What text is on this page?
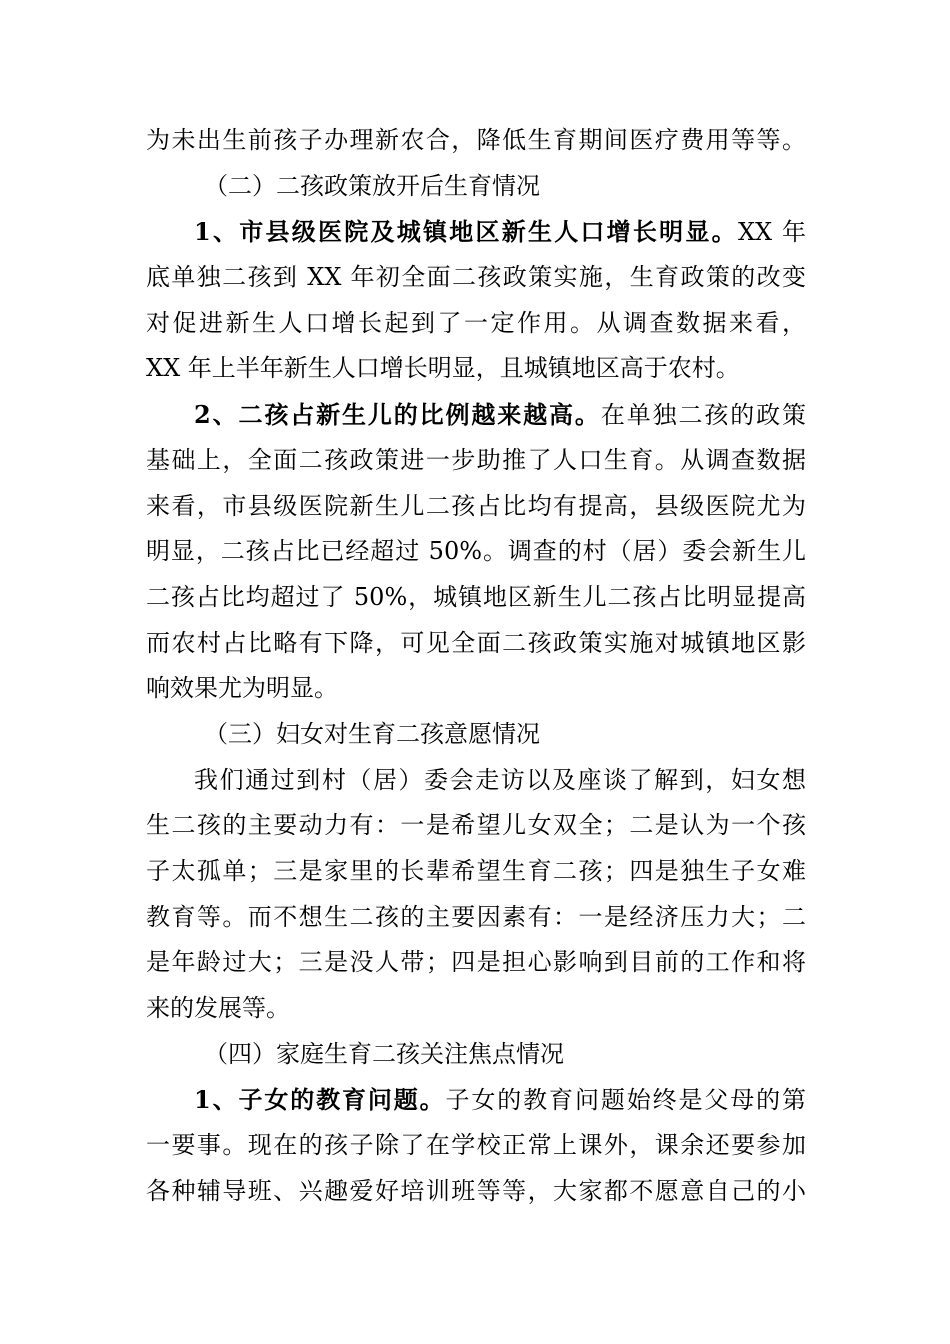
为未出生前孩子办理新农合，降低生育期间医疗费用等等。
（二）二孩政策放开后生育情况
1、市县级医院及城镇地区新生人口增长明显。XX 年
底单独二孩到 XX 年初全面二孩政策实施，生育政策的改变
对促进新生人口增长起到了一定作用。从调查数据来看，
XX 年上半年新生人口增长明显，且城镇地区高于农村。
2、二孩占新生儿的比例越来越高。在单独二孩的政策
基础上，全面二孩政策进一步助推了人口生育。从调查数据
来看，市县级医院新生儿二孩占比均有提高，县级医院尤为
明显，二孩占比已经超过 50%。调查的村（居）委会新生儿
二孩占比均超过了 50%，城镇地区新生儿二孩占比明显提高
而农村占比略有下降，可见全面二孩政策实施对城镇地区影
响效果尤为明显。
（三）妇女对生育二孩意愿情况
我们通过到村（居）委会走访以及座谈了解到，妇女想
生二孩的主要动力有：一是希望儿女双全；二是认为一个孩
子太孤单；三是家里的长辈希望生育二孩；四是独生子女难
教育等。而不想生二孩的主要因素有：一是经济压力大；二
是年龄过大；三是没人带；四是担心影响到目前的工作和将
来的发展等。
（四）家庭生育二孩关注焦点情况
1、子女的教育问题。子女的教育问题始终是父母的第
一要事。现在的孩子除了在学校正常上课外，课余还要参加
各种辅导班、兴趣爱好培训班等等，大家都不愿意自己的小
